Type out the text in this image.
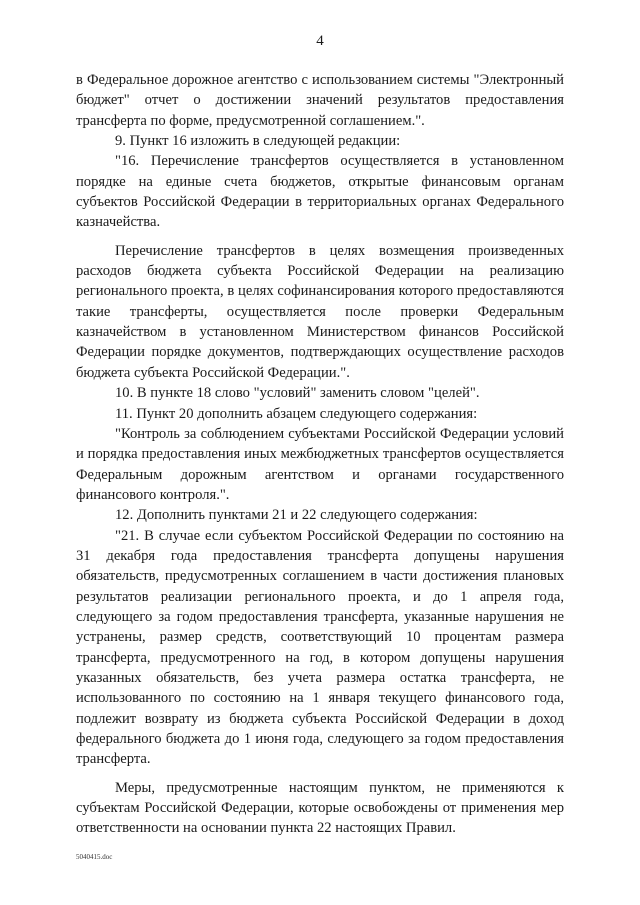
4

в Федеральное дорожное агентство с использованием системы "Электронный бюджет" отчет о достижении значений результатов предоставления трансферта по форме, предусмотренной соглашением.".

9. Пункт 16 изложить в следующей редакции:

"16. Перечисление трансфертов осуществляется в установленном порядке на единые счета бюджетов, открытые финансовым органам субъектов Российской Федерации в территориальных органах Федерального казначейства.

Перечисление трансфертов в целях возмещения произведенных расходов бюджета субъекта Российской Федерации на реализацию регионального проекта, в целях софинансирования которого предоставляются такие трансферты, осуществляется после проверки Федеральным казначейством в установленном Министерством финансов Российской Федерации порядке документов, подтверждающих осуществление расходов бюджета субъекта Российской Федерации.".

10. В пункте 18 слово "условий" заменить словом "целей".

11. Пункт 20 дополнить абзацем следующего содержания:

"Контроль за соблюдением субъектами Российской Федерации условий и порядка предоставления иных межбюджетных трансфертов осуществляется Федеральным дорожным агентством и органами государственного финансового контроля.".

12. Дополнить пунктами 21 и 22 следующего содержания:

"21. В случае если субъектом Российской Федерации по состоянию на 31 декабря года предоставления трансферта допущены нарушения обязательств, предусмотренных соглашением в части достижения плановых результатов реализации регионального проекта, и до 1 апреля года, следующего за годом предоставления трансферта, указанные нарушения не устранены, размер средств, соответствующий 10 процентам размера трансферта, предусмотренного на год, в котором допущены нарушения указанных обязательств, без учета размера остатка трансферта, не использованного по состоянию на 1 января текущего финансового года, подлежит возврату из бюджета субъекта Российской Федерации в доход федерального бюджета до 1 июня года, следующего за годом предоставления трансферта.

Меры, предусмотренные настоящим пунктом, не применяются к субъектам Российской Федерации, которые освобождены от применения мер ответственности на основании пункта 22 настоящих Правил.

5040415.doc
